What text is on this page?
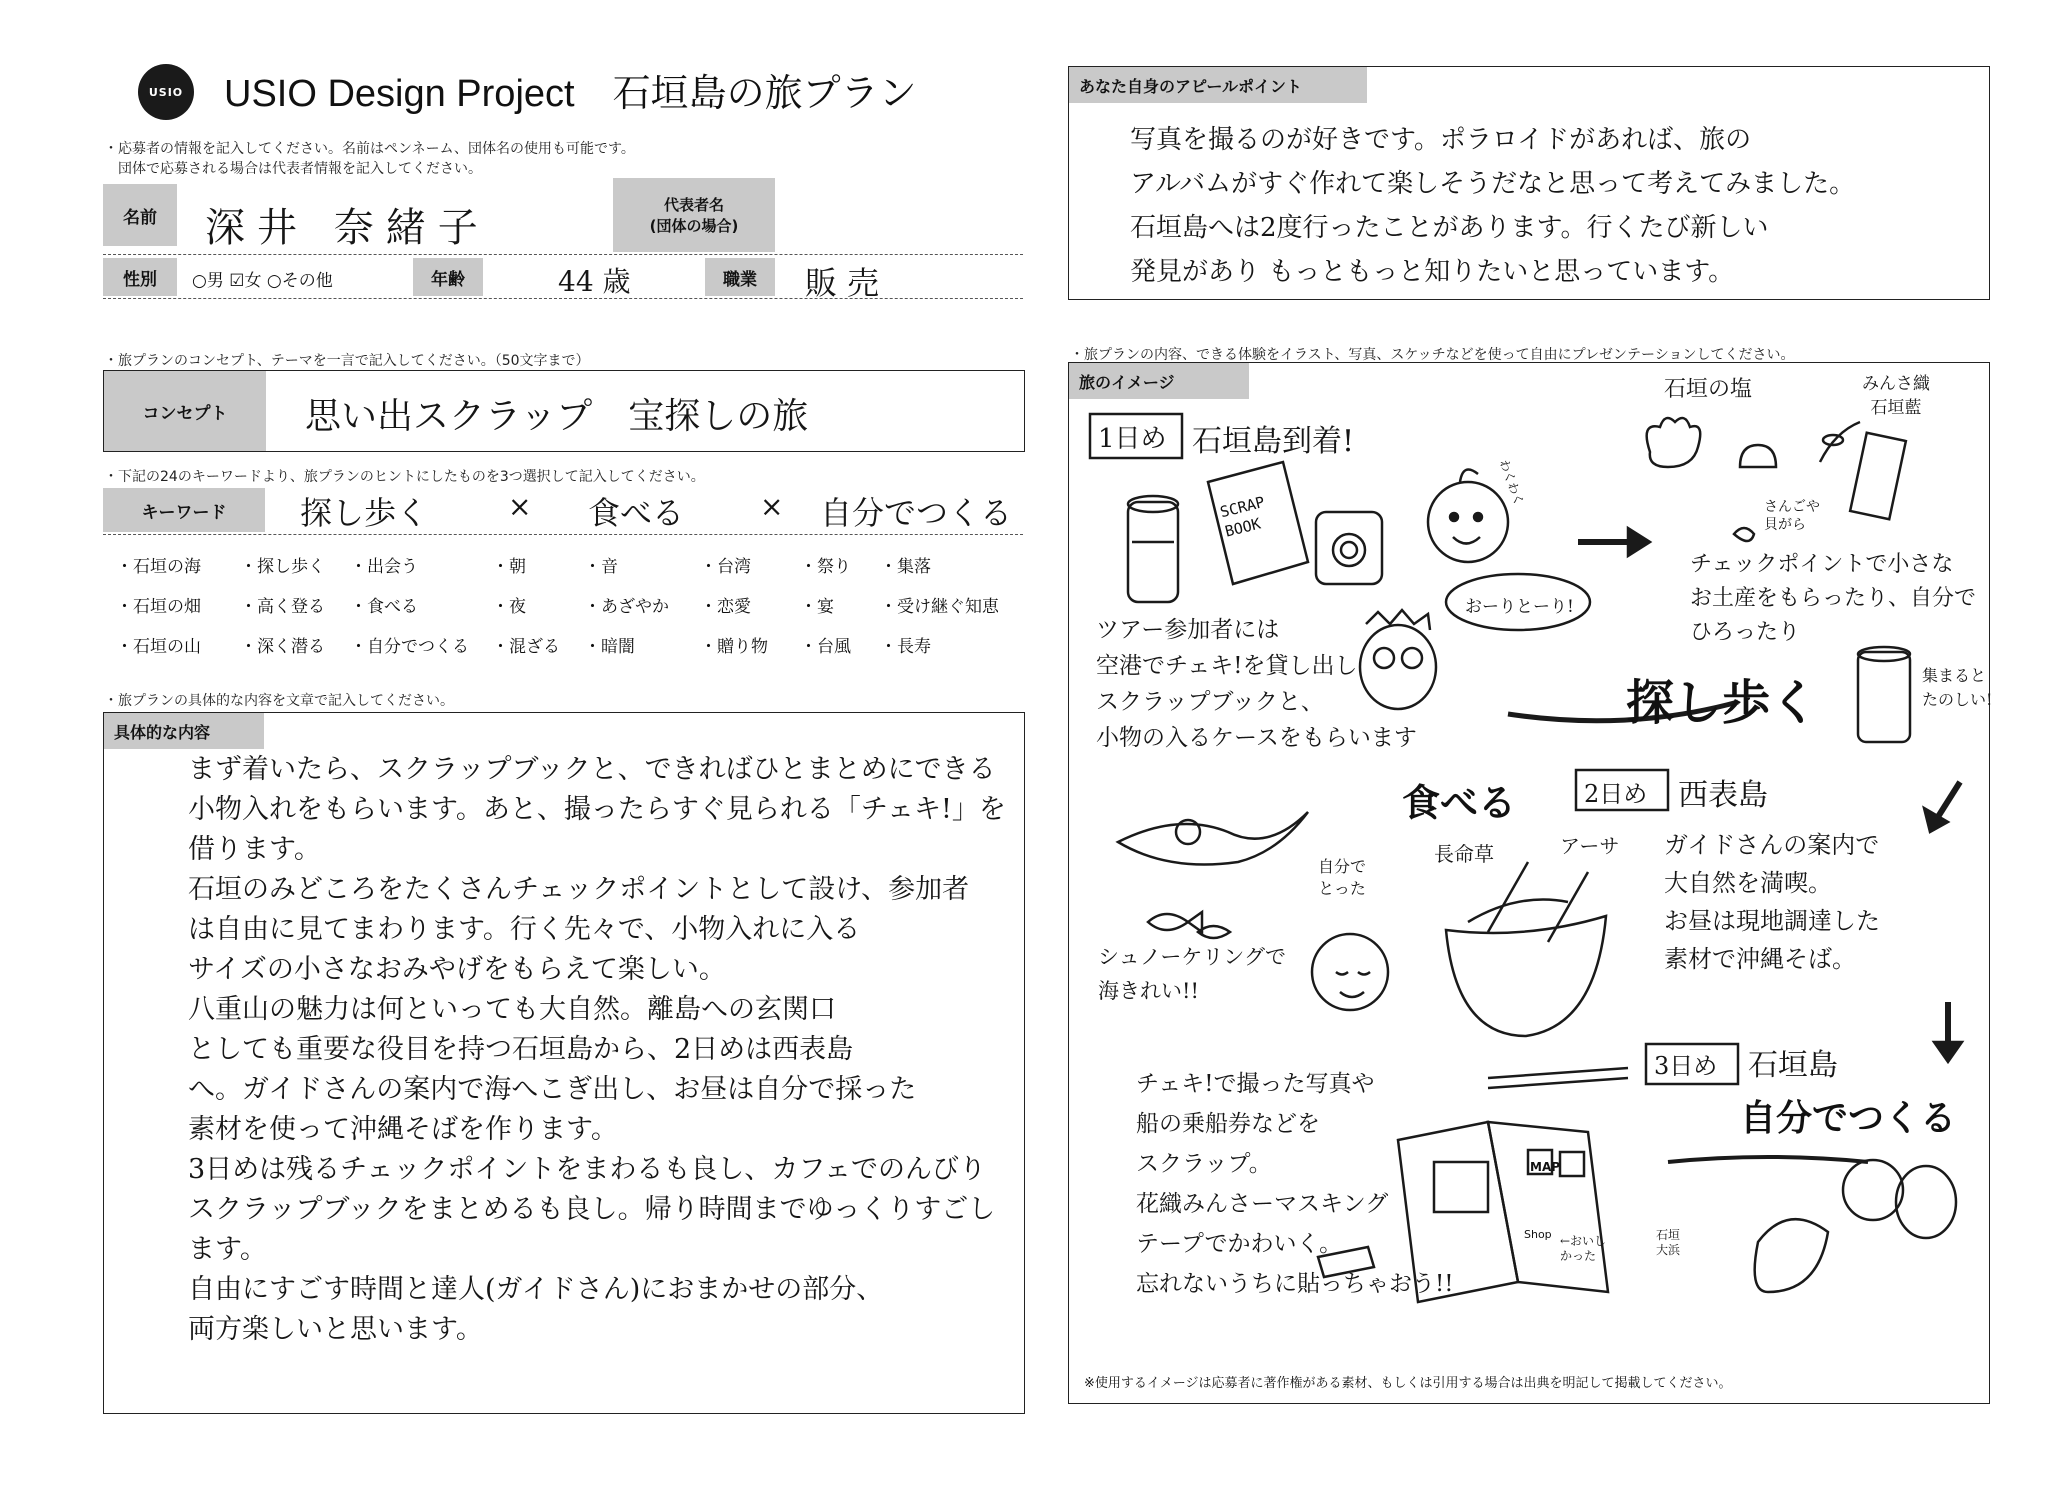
USIO USIO Design Project　石垣島の旅プラン
・応募者の情報を記入してください。名前はペンネーム、団体名の使用も可能です。
団体で応募される場合は代表者情報を記入してください。
名前	深井 奈緒子	代表者名
(団体の場合)
性別	○男 ☑女 ○その他	年齢	44 歳	職業	販売
・旅プランのコンセプト、テーマを一言で記入してください。（50文字まで）
コンセプト	思い出スクラップ　宝探しの旅
・下記の24のキーワードより、旅プランのヒントにしたものを3つ選択して記入してください。
キーワード	探し歩く	× 食べる	× 自分でつくる
・石垣の海 ・探し歩く ・出会う	・朝	・音	・台湾	・祭り ・集落
・石垣の畑 ・高く登る ・食べる	・夜	・あざやか ・恋愛	・宴	・受け継ぐ知恵
・石垣の山 ・深く潜る ・自分でつくる ・混ざる ・暗闇	・贈り物 ・台風 ・長寿
・旅プランの具体的な内容を文章で記入してください。
具体的な内容
まず着いたら、スクラップブックと、できればひとまとめにできる
小物入れをもらいます。あと、撮ったらすぐ見られる「チェキ!」を
借ります。
石垣のみどころをたくさんチェックポイントとして設け、参加者
は自由に見てまわります。行く先々で、小物入れに入る
サイズの小さなおみやげをもらえて楽しい。
八重山の魅力は何といっても大自然。離島への玄関口
としても重要な役目を持つ石垣島から、2日めは西表島
へ。ガイドさんの案内で海へこぎ出し、お昼は自分で採った
素材を使って沖縄そばを作ります。
3日めは残るチェックポイントをまわるも良し、カフェでのんびり
スクラップブックをまとめるも良し。帰り時間までゆっくりすごし
ます。
自由にすごす時間と達人(ガイドさん)におまかせの部分、
両方楽しいと思います。
あなた自身のアピールポイント
写真を撮るのが好きです。ポラロイドがあれば、旅の
アルバムがすぐ作れて楽しそうだなと思って考えてみました。
石垣島へは2度行ったことがあります。行くたび新しい
発見があり もっともっと知りたいと思っています。
・旅プランの内容、できる体験をイラスト、写真、スケッチなどを使って自由にプレゼンテーションしてください。
旅のイメージ
1日め 石垣島到着!
SCRAP BOOK
わくわく
おーりとーり!
ツアー参加者には
空港でチェキ!を貸し出し
スクラップブックと、
小物の入るケースをもらいます
石垣の塩	みんさ織
石垣藍
さんごや
貝がら
チェックポイントで小さな
お土産をもらったり、自分で
ひろったり
集まると
たのしい!
探し歩く
食べる	2日め 西表島
ガイドさんの案内で
大自然を満喫。
お昼は現地調達した
素材で沖縄そば。
長命草	アーサ
自分で
とった
シュノーケリングで
海きれい!!
3日め 石垣島
自分でつくる
チェキ!で撮った写真や
船の乗船券などを
スクラップ。
花織みんさーマスキング
テープでかわいく。
忘れないうちに貼っちゃおう!!
MAP
Shop ←おいし
かった
石垣
大浜
※使用するイメージは応募者に著作権がある素材、もしくは引用する場合は出典を明記して掲載してください。
